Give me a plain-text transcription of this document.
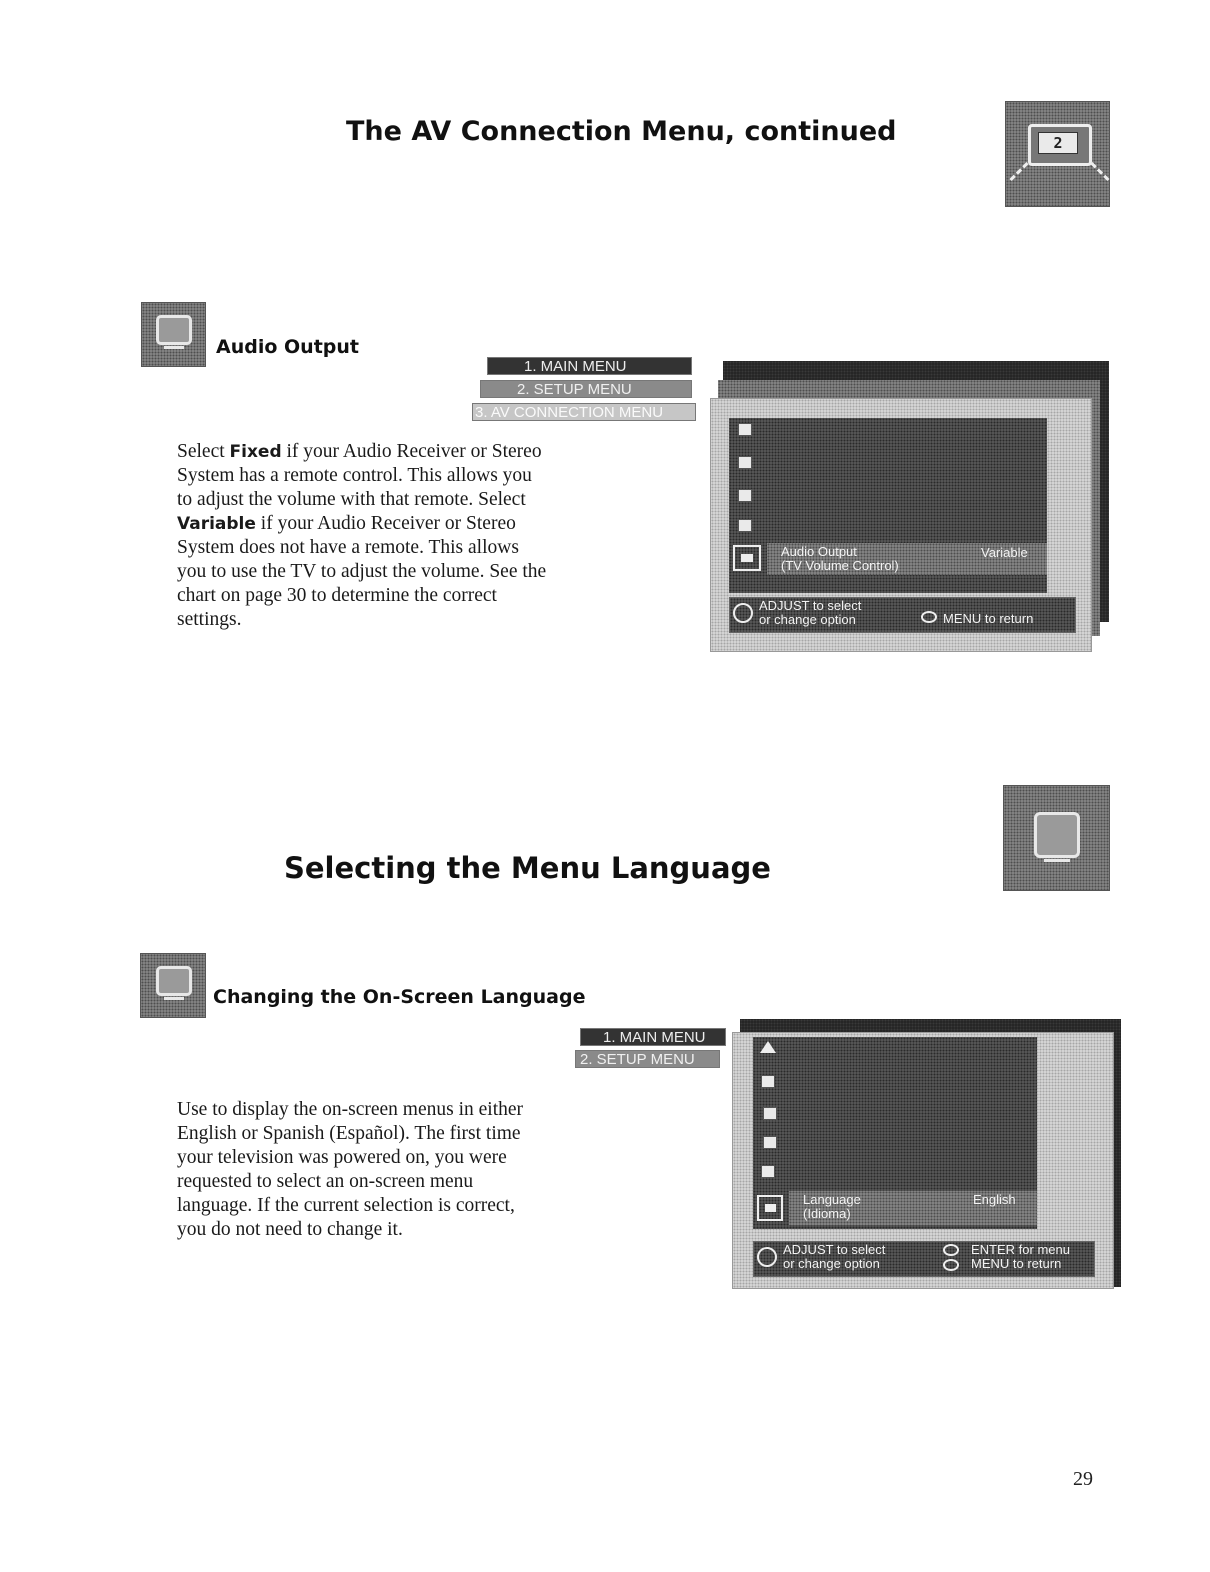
The AV Connection Menu, continued	2
Audio Output
Select Fixed if your Audio Receiver or Stereo System has a remote control. This allows you to adjust the volume with that remote. Select Variable if your Audio Receiver or Stereo System does not have a remote. This allows you to use the TV to adjust the volume. See the chart on page 30 to determine the correct settings.
1. MAIN MENU
2. SETUP MENU
3. AV CONNECTION MENU
Audio Output
(TV Volume Control)
Variable
ADJUST to select
or change option	MENU to return
Selecting the Menu Language
Changing the On-Screen Language
Use to display the on-screen menus in either English or Spanish (Español). The first time your television was powered on, you were requested to select an on-screen menu language. If the current selection is correct, you do not need to change it.
1. MAIN MENU
2. SETUP MENU
Language
(Idioma)
English
ADJUST to select
or change option
ENTER for menu
MENU to return
29
